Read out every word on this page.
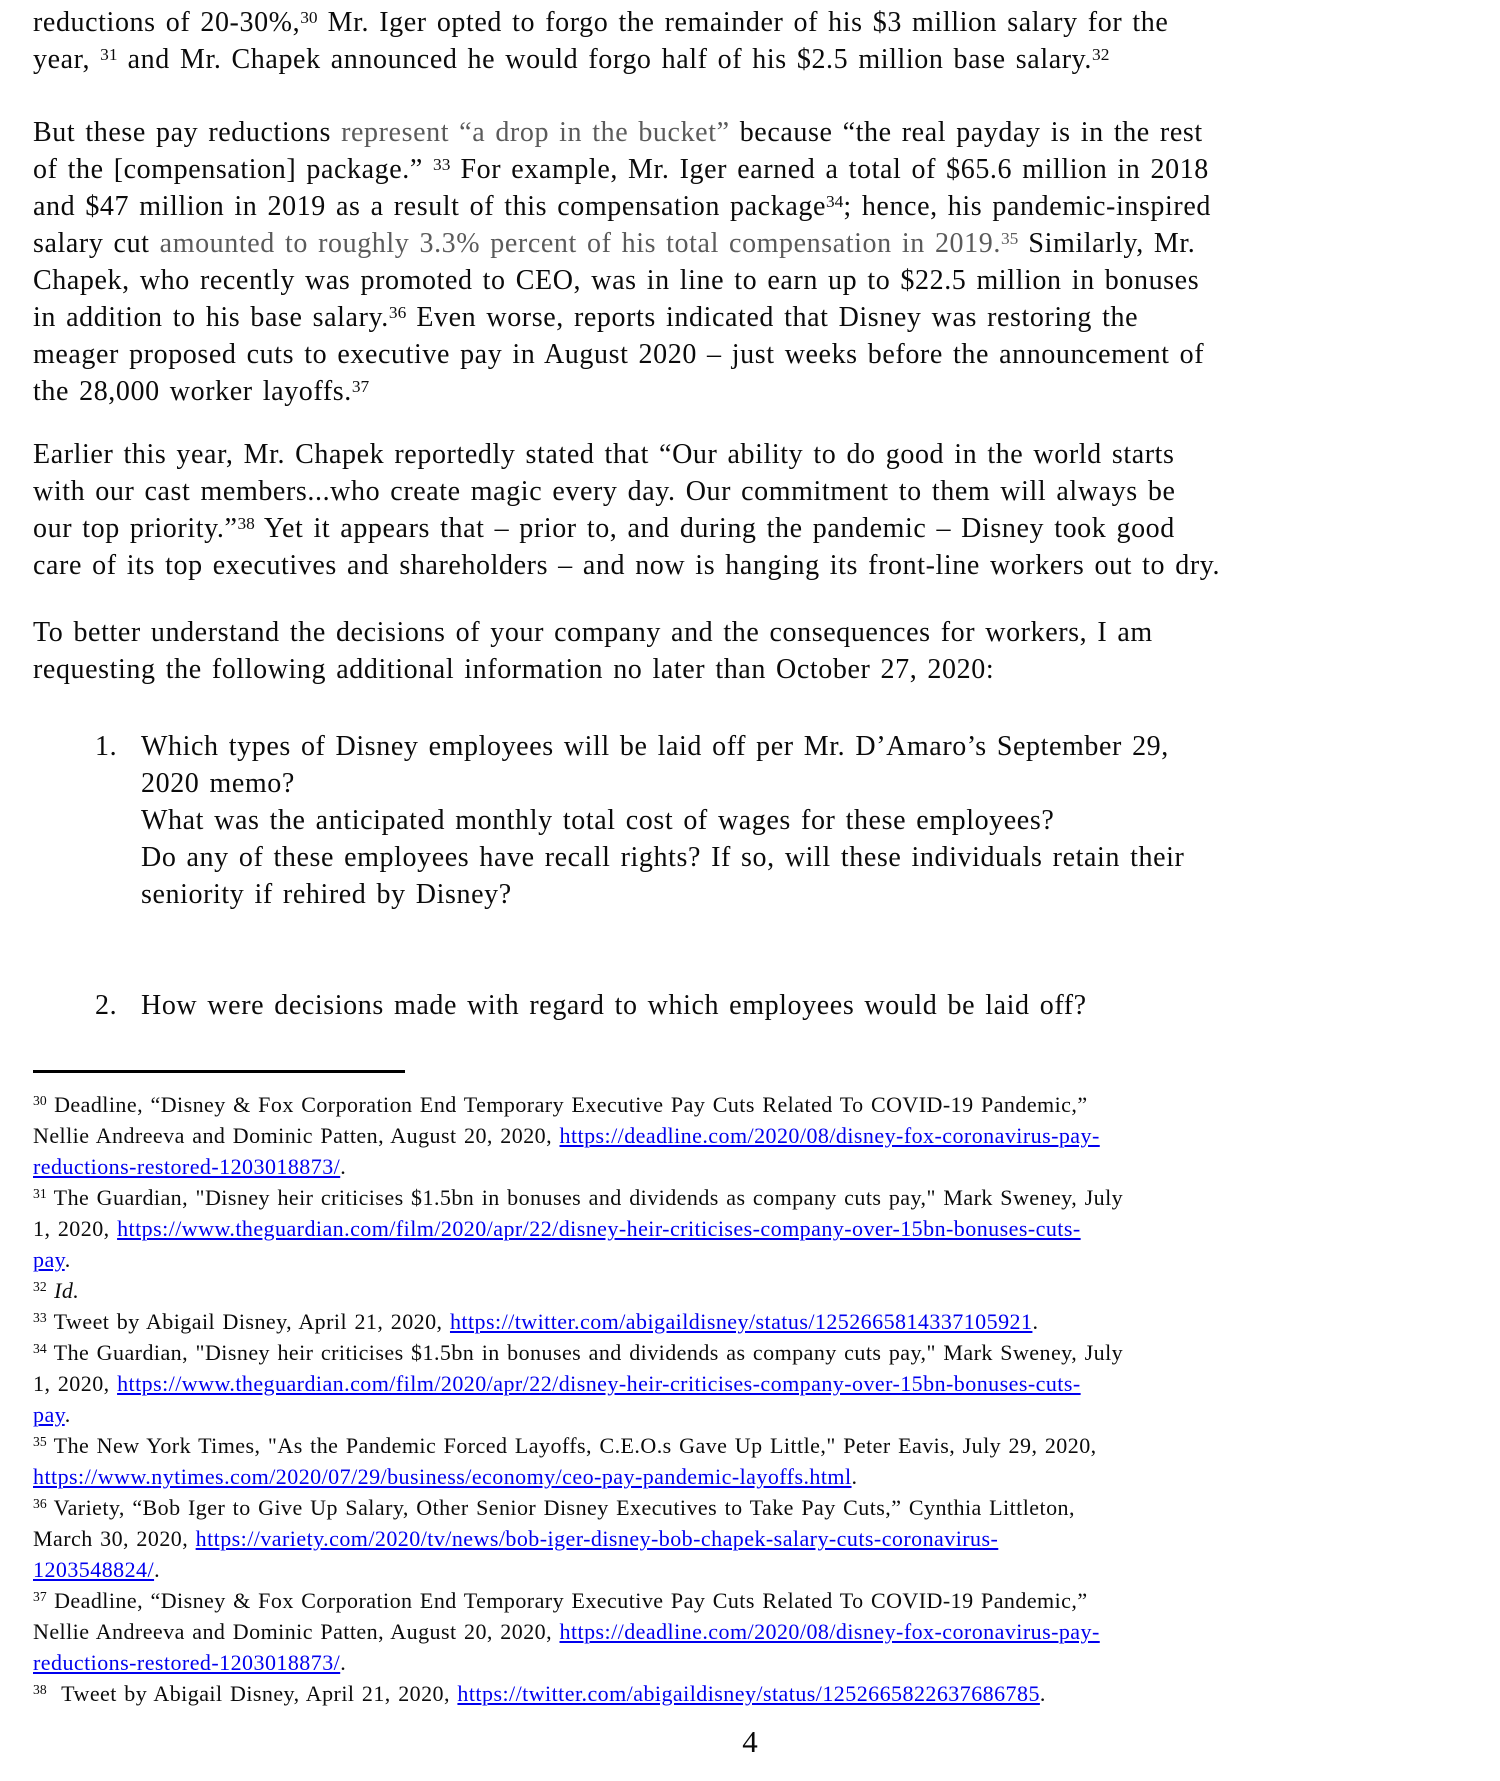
reductions of 20-30%,$^{30}$ Mr. Iger opted to forgo the remainder of his $3 million salary for the
year, $^{31}$ and Mr. Chapek announced he would forgo half of his $2.5 million base salary.$^{32}$
But these pay reductions represent “a drop in the bucket” because “the real payday is in the rest
of the [compensation] package.” $^{33}$ For example, Mr. Iger earned a total of $65.6 million in 2018
and $47 million in 2019 as a result of this compensation package$^{34}$; hence, his pandemic-inspired
salary cut amounted to roughly 3.3% percent of his total compensation in 2019.35 Similarly, Mr.
Chapek, who recently was promoted to CEO, was in line to earn up to $22.5 million in bonuses
in addition to his base salary.$^{36}$ Even worse, reports indicated that Disney was restoring the
meager proposed cuts to executive pay in August 2020 – just weeks before the announcement of
the 28,000 worker layoffs.$^{37}$
Earlier this year, Mr. Chapek reportedly stated that “Our ability to do good in the world starts
with our cast members...who create magic every day. Our commitment to them will always be
our top priority.”$^{38}$ Yet it appears that – prior to, and during the pandemic – Disney took good
care of its top executives and shareholders – and now is hanging its front-line workers out to dry.
To better understand the decisions of your company and the consequences for workers, I am
requesting the following additional information no later than October 27, 2020:
1. Which types of Disney employees will be laid off per Mr. D’Amaro’s September 29,
2020 memo?
What was the anticipated monthly total cost of wages for these employees?
Do any of these employees have recall rights? If so, will these individuals retain their
seniority if rehired by Disney?
2. How were decisions made with regard to which employees would be laid off?
$^{30}$ Deadline, “Disney & Fox Corporation End Temporary Executive Pay Cuts Related To COVID-19 Pandemic,”
Nellie Andreeva and Dominic Patten, August 20, 2020, https://deadline.com/2020/08/disney-fox-coronavirus-pay-
reductions-restored-1203018873/.
$^{31}$ The Guardian, "Disney heir criticises $1.5bn in bonuses and dividends as company cuts pay," Mark Sweney, July
1, 2020, https://www.theguardian.com/film/2020/apr/22/disney-heir-criticises-company-over-15bn-bonuses-cuts-
pay.
$^{32}$ Id.
$^{33}$ Tweet by Abigail Disney, April 21, 2020, https://twitter.com/abigaildisney/status/1252665814337105921.
$^{34}$ The Guardian, "Disney heir criticises $1.5bn in bonuses and dividends as company cuts pay," Mark Sweney, July
1, 2020, https://www.theguardian.com/film/2020/apr/22/disney-heir-criticises-company-over-15bn-bonuses-cuts-
pay.
$^{35}$ The New York Times, "As the Pandemic Forced Layoffs, C.E.O.s Gave Up Little," Peter Eavis, July 29, 2020,
https://www.nytimes.com/2020/07/29/business/economy/ceo-pay-pandemic-layoffs.html.
$^{36}$ Variety, “Bob Iger to Give Up Salary, Other Senior Disney Executives to Take Pay Cuts,” Cynthia Littleton,
March 30, 2020, https://variety.com/2020/tv/news/bob-iger-disney-bob-chapek-salary-cuts-coronavirus-
1203548824/.
$^{37}$ Deadline, “Disney & Fox Corporation End Temporary Executive Pay Cuts Related To COVID-19 Pandemic,”
Nellie Andreeva and Dominic Patten, August 20, 2020, https://deadline.com/2020/08/disney-fox-coronavirus-pay-
reductions-restored-1203018873/.
$^{38}$  Tweet by Abigail Disney, April 21, 2020, https://twitter.com/abigaildisney/status/1252665822637686785.
4
